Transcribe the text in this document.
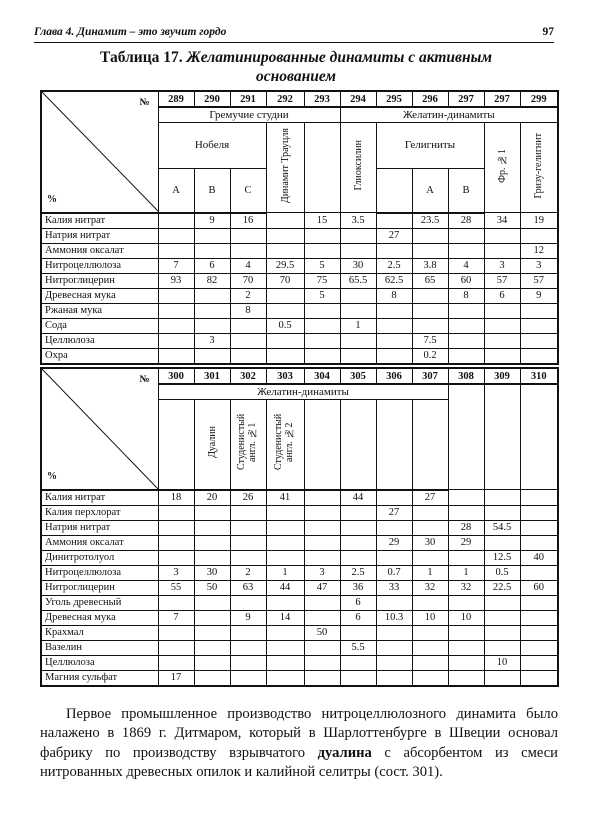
Глава 4. Динамит – это звучит гордо	97
Таблица 17. Желатинированные динамиты с активным
основанием
№
%	289	290	291	292	293	294	295	296	297	297	299
	Гремучие студни					Желатин-динамиты					
	Нобеля			Динамит Трауцля		Глиоксилин	Гелигниты			Фр. №1	Гризу-гелигнит
	А	В	С					А	В		
Калия нитрат		9	16		15	3.5		23.5	28	34	19
Натрия нитрат							27				
Аммония оксалат											12
Нитроцеллюлоза	7	6	4	29.5	5	30	2.5	3.8	4	3	3
Нитроглицерин	93	82	70	70	75	65.5	62.5	65	60	57	57
Древесная мука			2		5		8		8	6	9
Ржаная мука			8								
Сода				0.5		1					
Целлюлоза		3						7.5			
Охра								0.2			
№
%	300	301	302	303	304	305	306	307	308	309	310
	Желатин-динамиты										
		Дуалин	Студенистый англ. №1	Студенистый англ. №2							
Калия нитрат	18	20	26	41		44		27			
Калия перхлорат							27				
Натрия нитрат									28	54.5	
Аммония оксалат							29	30	29		
Динитротолуол										12.5	40
Нитроцеллюлоза	3	30	2	1	3	2.5	0.7	1	1	0.5	
Нитроглицерин	55	50	63	44	47	36	33	32	32	22.5	60
Уголь древесный						6					
Древесная мука	7		9	14		6	10.3	10	10		
Крахмал					50						
Вазелин						5.5					
Целлюлоза										10	
Магния сульфат	17										

Первое промышленное производство нитроцеллюлозного динамита было налажено в 1869 г. Дитмаром, который в Шарлоттенбурге в Швеции основал фабрику по производству взрывчатого дуалина с абсорбентом из смеси нитрованных древесных опилок и калийной селитры (сост. 301).
